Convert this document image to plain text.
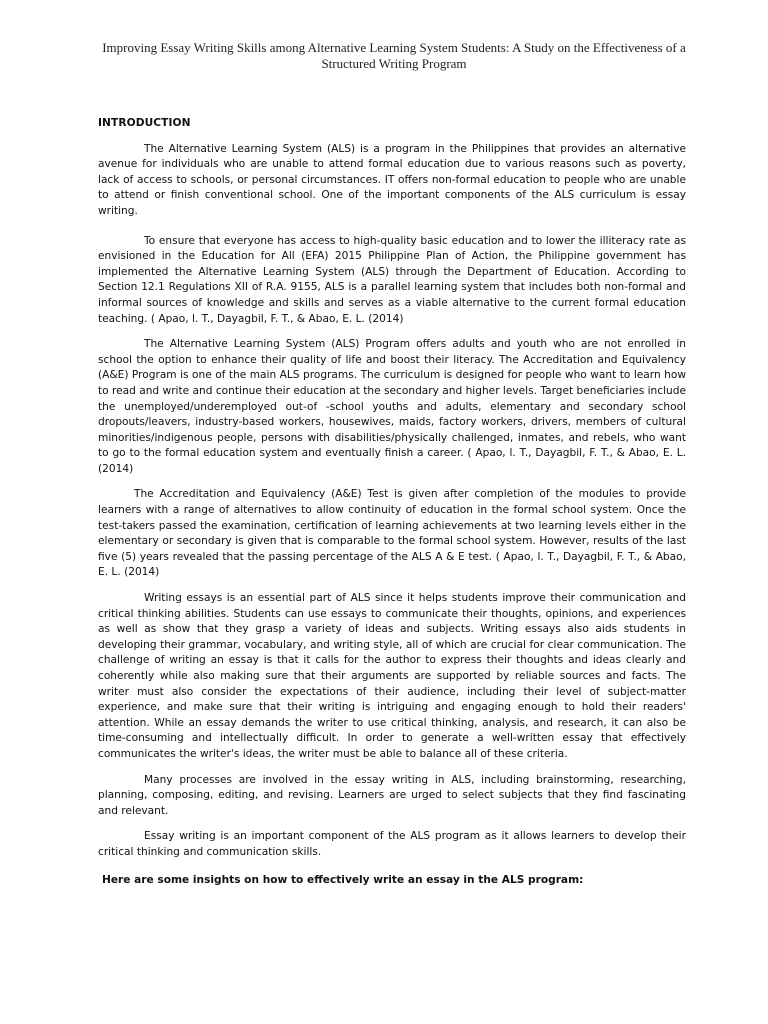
Improving Essay Writing Skills among Alternative Learning System Students: A Study on the Effectiveness of a Structured Writing Program
INTRODUCTION

The Alternative Learning System (ALS) is a program in the Philippines that provides an alternative avenue for individuals who are unable to attend formal education due to various reasons such as poverty, lack of access to schools, or personal circumstances. IT offers non-formal education to people who are unable to attend or finish conventional school. One of the important components of the ALS curriculum is essay writing.

To ensure that everyone has access to high-quality basic education and to lower the illiteracy rate as envisioned in the Education for All (EFA) 2015 Philippine Plan of Action, the Philippine government has implemented the Alternative Learning System (ALS) through the Department of Education. According to Section 12.1 Regulations XII of R.A. 9155, ALS is a parallel learning system that includes both non-formal and informal sources of knowledge and skills and serves as a viable alternative to the current formal education teaching. ( Apao, l. T., Dayagbil, F. T., & Abao, E. L. (2014)

The Alternative Learning System (ALS) Program offers adults and youth who are not enrolled in school the option to enhance their quality of life and boost their literacy. The Accreditation and Equivalency (A&E) Program is one of the main ALS programs. The curriculum is designed for people who want to learn how to read and write and continue their education at the secondary and higher levels. Target beneficiaries include the unemployed/underemployed out-of -school youths and adults, elementary and secondary school dropouts/leavers, industry-based workers, housewives, maids, factory workers, drivers, members of cultural minorities/indigenous people, persons with disabilities/physically challenged, inmates, and rebels, who want to go to the formal education system and eventually finish a career. ( Apao, l. T., Dayagbil, F. T., & Abao, E. L. (2014)

The Accreditation and Equivalency (A&E) Test is given after completion of the modules to provide learners with a range of alternatives to allow continuity of education in the formal school system. Once the test-takers passed the examination, certification of learning achievements at two learning levels either in the elementary or secondary is given that is comparable to the formal school system. However, results of the last five (5) years revealed that the passing percentage of the ALS A & E test. ( Apao, l. T., Dayagbil, F. T., & Abao, E. L. (2014)

Writing essays is an essential part of ALS since it helps students improve their communication and critical thinking abilities. Students can use essays to communicate their thoughts, opinions, and experiences as well as show that they grasp a variety of ideas and subjects. Writing essays also aids students in developing their grammar, vocabulary, and writing style, all of which are crucial for clear communication. The challenge of writing an essay is that it calls for the author to express their thoughts and ideas clearly and coherently while also making sure that their arguments are supported by reliable sources and facts. The writer must also consider the expectations of their audience, including their level of subject-matter experience, and make sure that their writing is intriguing and engaging enough to hold their readers' attention. While an essay demands the writer to use critical thinking, analysis, and research, it can also be time-consuming and intellectually difficult. In order to generate a well-written essay that effectively communicates the writer's ideas, the writer must be able to balance all of these criteria.

Many processes are involved in the essay writing in ALS, including brainstorming, researching, planning, composing, editing, and revising. Learners are urged to select subjects that they find fascinating and relevant.

Essay writing is an important component of the ALS program as it allows learners to develop their critical thinking and communication skills.

Here are some insights on how to effectively write an essay in the ALS program:
